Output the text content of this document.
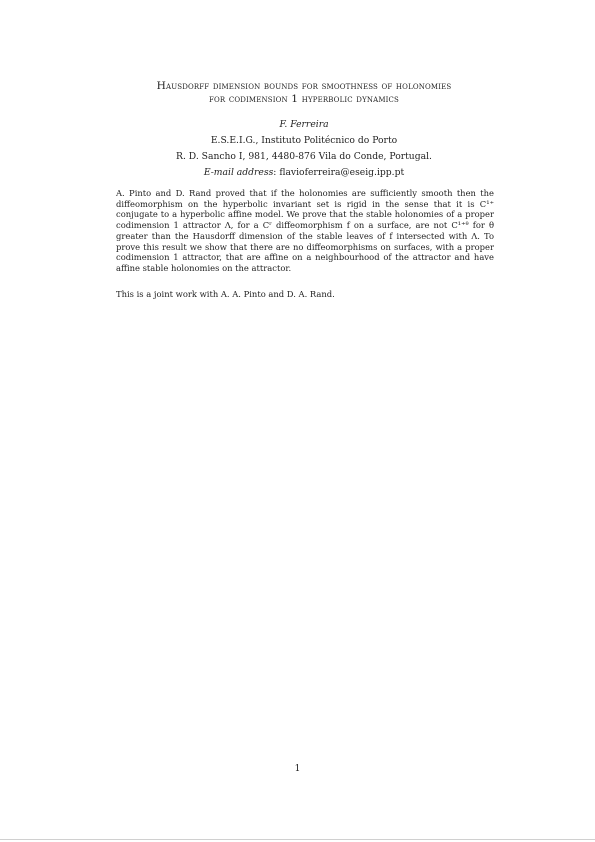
Hausdorff dimension bounds for smoothness of holonomies
for codimension 1 hyperbolic dynamics
F. Ferreira
E.S.E.I.G., Instituto Politécnico do Porto
R. D. Sancho I, 981, 4480-876 Vila do Conde, Portugal.
E-mail address: flavioferreira@eseig.ipp.pt

A. Pinto and D. Rand proved that if the holonomies are sufficiently smooth then the
diffeomorphism on the hyperbolic invariant set is rigid in the sense that it is C¹⁺
conjugate to a hyperbolic affine model. We prove that the stable holonomies of a proper
codimension 1 attractor Λ, for a Cʳ diffeomorphism f on a surface, are not C¹⁺ᶿ for θ
greater than the Hausdorff dimension of the stable leaves of f intersected with Λ. To
prove this result we show that there are no diffeomorphisms on surfaces, with a proper
codimension 1 attractor, that are affine on a neighbourhood of the attractor and have
affine stable holonomies on the attractor.

This is a joint work with A. A. Pinto and D. A. Rand.
1
